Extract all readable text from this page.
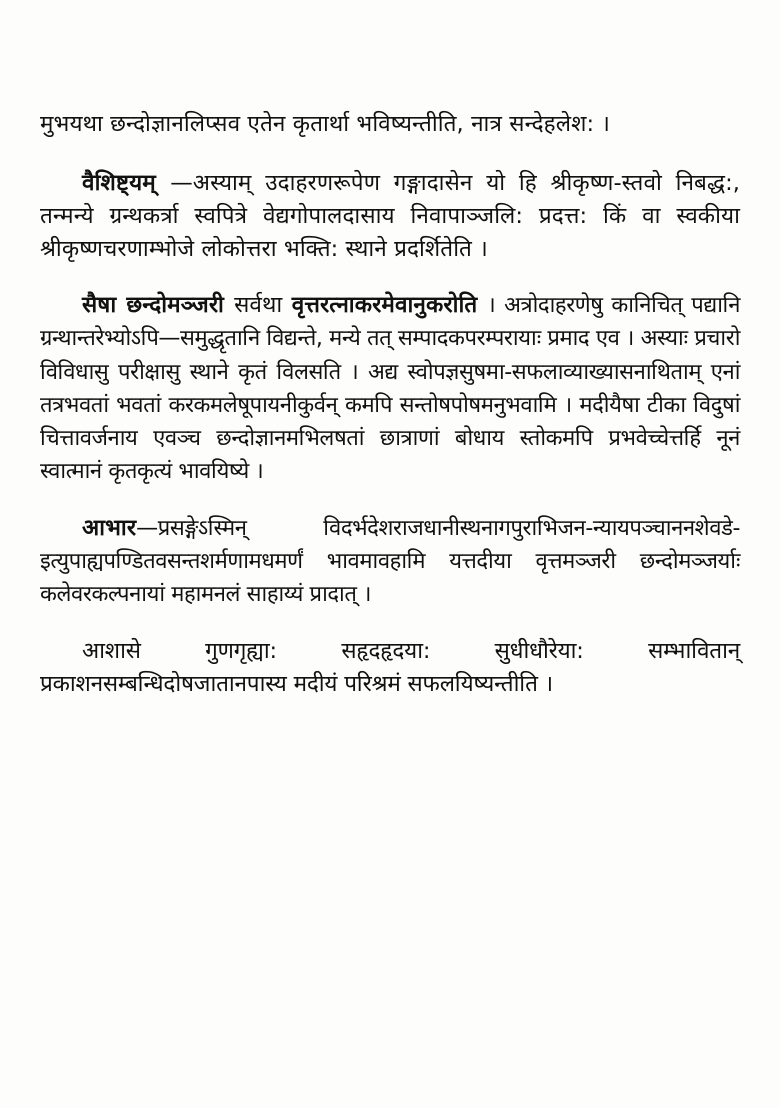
मुभयथा छन्दोज्ञानलिप्सव एतेन कृतार्था भविष्यन्तीति, नात्र सन्देहलेश: ।

वैशिष्ट्यम् —अस्याम् उदाहरणरूपेण गङ्गादासेन यो हि श्रीकृष्ण-स्तवो निबद्ध:, तन्मन्ये ग्रन्थकर्त्रा स्वपित्रे वेद्यगोपालदासाय निवापाञ्जलि: प्रदत्त: किं वा स्वकीया श्रीकृष्णचरणाम्भोजे लोकोत्तरा भक्ति: स्थाने प्रदर्शितेति ।

सैषा छन्दोमञ्जरी सर्वथा वृत्तरत्नाकरमेवानुकरोति । अत्रोदाहरणेषु कानिचित् पद्यानि ग्रन्थान्तरेभ्योऽपि—समुद्धृतानि विद्यन्ते, मन्ये तत् सम्पादकपरम्परायाः प्रमाद एव । अस्याः प्रचारो विविधासु परीक्षासु स्थाने कृतं विलसति । अद्य स्वोपज्ञसुषमा-सफलाव्याख्यासनाथिताम् एनां तत्रभवतां भवतां करकमलेषूपायनीकुर्वन् कमपि सन्तोषपोषमनुभवामि । मदीयैषा टीका विदुषां चित्तावर्जनाय एवञ्च छन्दोज्ञानमभिलषतां छात्राणां बोधाय स्तोकमपि प्रभवेच्चेत्तर्हि नूनं स्वात्मानं कृतकृत्यं भावयिष्ये ।

आभार—प्रसङ्गेऽस्मिन् विदर्भदेशराजधानीस्थनागपुराभिजन-न्यायपञ्चाननशेवडे-इत्युपाह्यपण्डितवसन्तशर्मणामधमर्णं भावमावहामि यत्तदीया वृत्तमञ्जरी छन्दोमञ्जर्याः कलेवरकल्पनायां महामनलं साहाय्यं प्रादात् ।

आशासे गुणगृह्या: सहृदहृदया: सुधीधौरेया: सम्भावितान् प्रकाशनसम्बन्धिदोषजातानपास्य मदीयं परिश्रमं सफलयिष्यन्तीति ।
